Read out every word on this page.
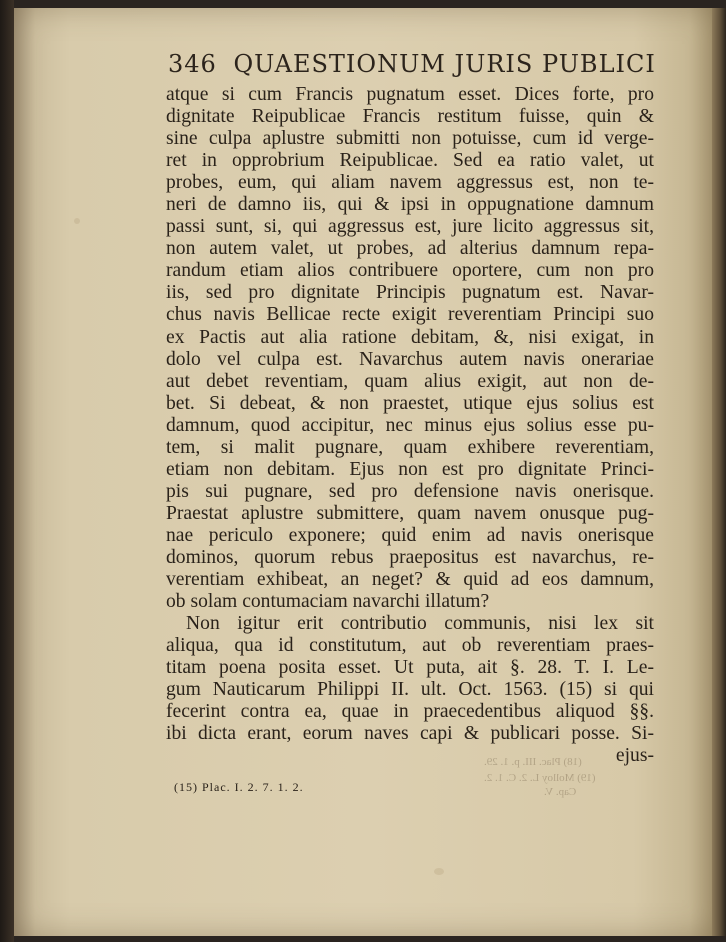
(18) Plac. III. p. 1. 29.
(19) Molloy L. 2. C. 1. 2.
Cap. V.
346 QUAESTIONUM JURIS PUBLICI
atque si cum Francis pugnatum esset. Dices forte, pro
dignitate Reipublicae Francis restitum fuisse, quin &
sine culpa aplustre submitti non potuisse, cum id verge-
ret in opprobrium Reipublicae. Sed ea ratio valet, ut
probes, eum, qui aliam navem aggressus est, non te-
neri de damno iis, qui & ipsi in oppugnatione damnum
passi sunt, si, qui aggressus est, jure licito aggressus sit,
non autem valet, ut probes, ad alterius damnum repa-
randum etiam alios contribuere oportere, cum non pro
iis, sed pro dignitate Principis pugnatum est. Navar-
chus navis Bellicae recte exigit reverentiam Principi suo
ex Pactis aut alia ratione debitam, &, nisi exigat, in
dolo vel culpa est. Navarchus autem navis onerariae
aut debet reventiam, quam alius exigit, aut non de-
bet. Si debeat, & non praestet, utique ejus solius est
damnum, quod accipitur, nec minus ejus solius esse pu-
tem, si malit pugnare, quam exhibere reverentiam,
etiam non debitam. Ejus non est pro dignitate Princi-
pis sui pugnare, sed pro defensione navis onerisque.
Praestat aplustre submittere, quam navem onusque pug-
nae periculo exponere; quid enim ad navis onerisque
dominos, quorum rebus praepositus est navarchus, re-
verentiam exhibeat, an neget? & quid ad eos damnum,
ob solam contumaciam navarchi illatum?
Non igitur erit contributio communis, nisi lex sit
aliqua, qua id constitutum, aut ob reverentiam praes-
titam poena posita esset. Ut puta, ait §. 28. T. I. Le-
gum Nauticarum Philippi II. ult. Oct. 1563. (15) si qui
fecerint contra ea, quae in praecedentibus aliquod §§.
ibi dicta erant, eorum naves capi & publicari posse. Si-
ejus-
(15) Plac. I. 2. 7. 1. 2.
